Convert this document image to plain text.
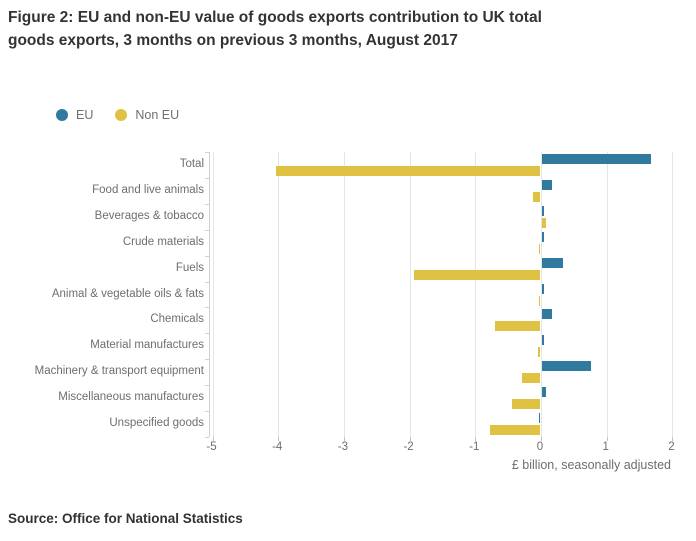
Figure 2: EU and non-EU value of goods exports contribution to UK total goods exports, 3 months on previous 3 months, August 2017
EU	Non EU
Total
Food and live animals
Beverages & tobacco
Crude materials
Fuels
Animal & vegetable oils & fats
Chemicals
Material manufactures
Machinery & transport equipment
Miscellaneous manufactures
Unspecified goods
-5	-4	-3	-2	-1	0	1	2
£ billion, seasonally adjusted
Source: Office for National Statistics
